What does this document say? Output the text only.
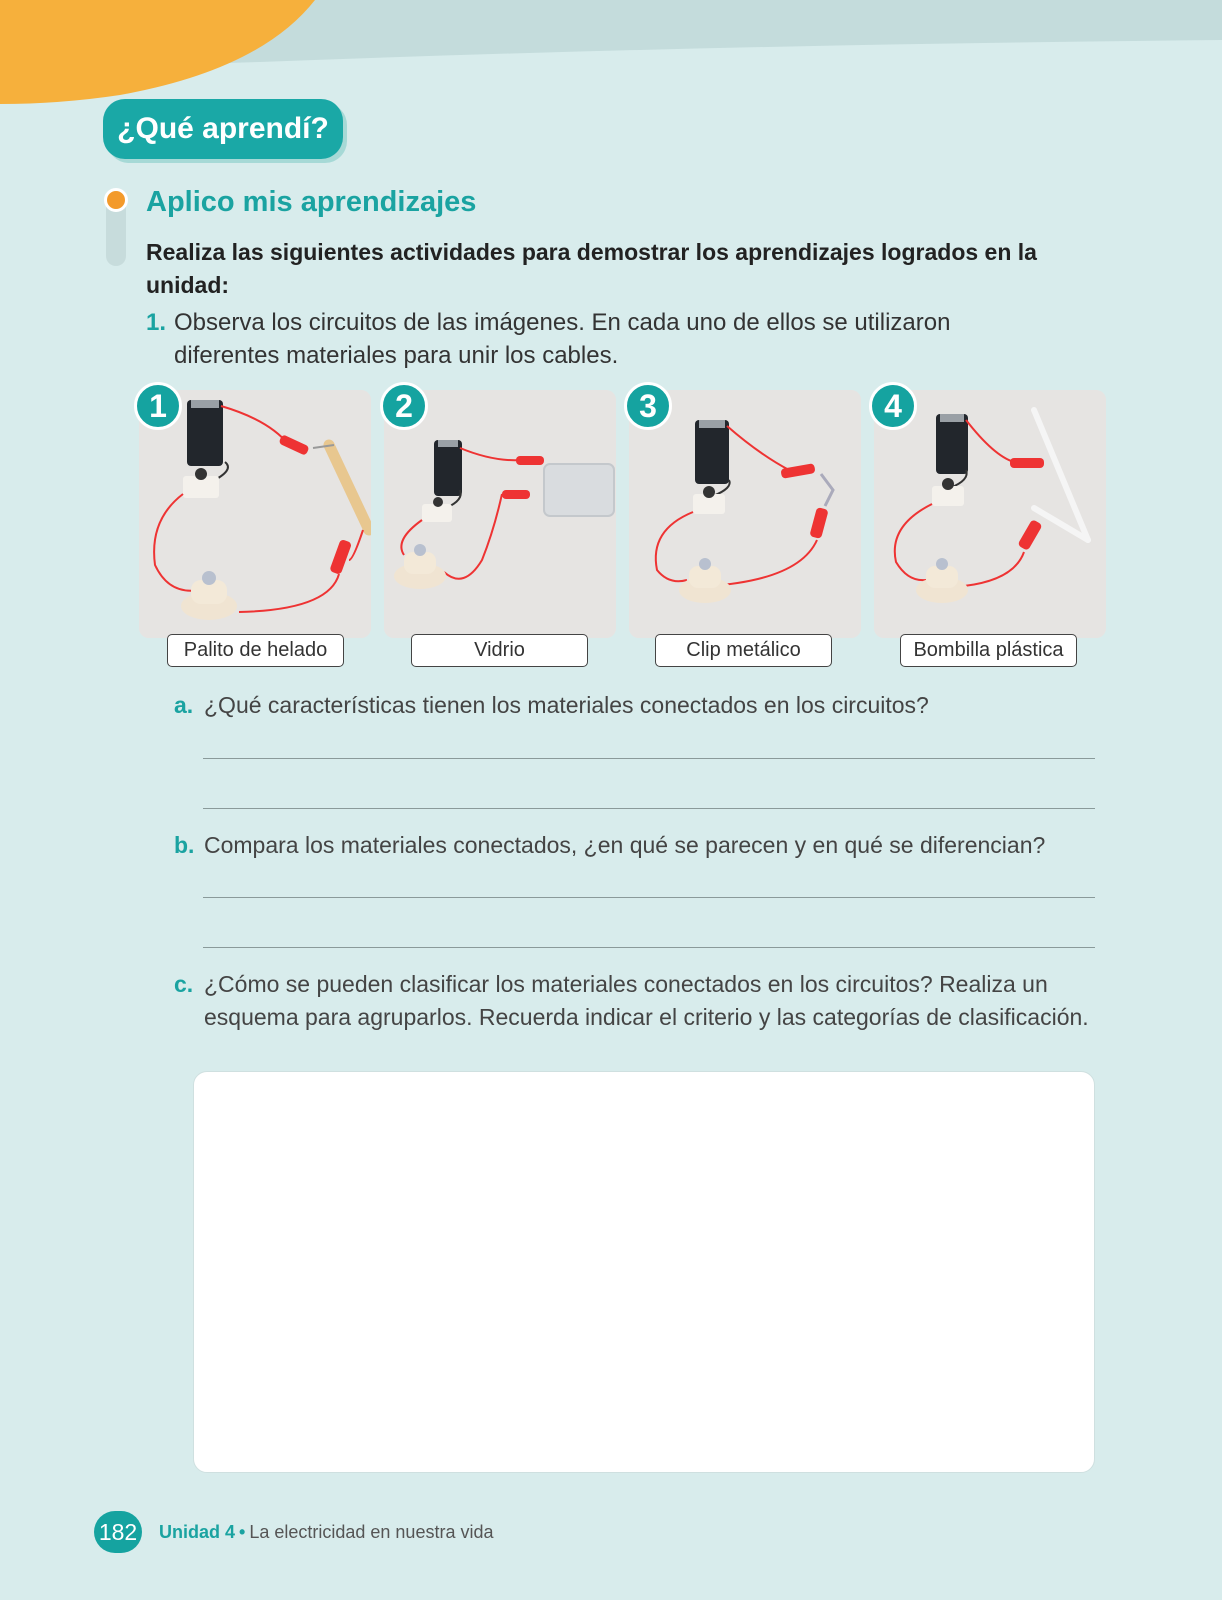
¿Qué aprendí?
Aplico mis aprendizajes
Realiza las siguientes actividades para demostrar los aprendizajes logrados en la unidad:
1. Observa los circuitos de las imágenes. En cada uno de ellos se utilizaron diferentes materiales para unir los cables.
1	2	3	4
Palito de helado	Vidrio	Clip metálico	Bombilla plástica
a. ¿Qué características tienen los materiales conectados en los circuitos?
b. Compara los materiales conectados, ¿en qué se parecen y en qué se diferencian?
c. ¿Cómo se pueden clasificar los materiales conectados en los circuitos? Realiza un esquema para agruparlos. Recuerda indicar el criterio y las categorías de clasificación.
182 Unidad 4 • La electricidad en nuestra vida
